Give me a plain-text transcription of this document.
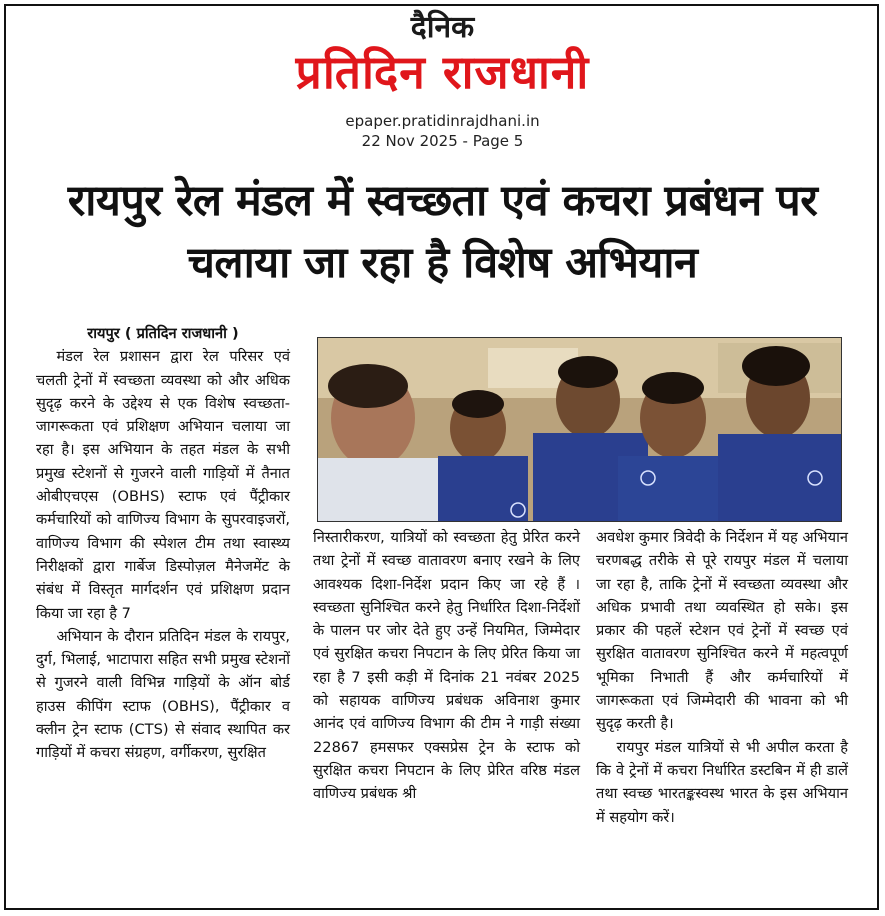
दैनिक
प्रतिदिन राजधानी
epaper.pratidinrajdhani.in
22 Nov 2025 - Page 5
रायपुर रेल मंडल में स्वच्छता एवं कचरा प्रबंधन पर चलाया जा रहा है विशेष अभियान

रायपुर ( प्रतिदिन राजधानी )

मंडल रेल प्रशासन द्वारा रेल परिसर एवं चलती ट्रेनों में स्वच्छता व्यवस्था को और अधिक सुदृढ़ करने के उद्देश्य से एक विशेष स्वच्छता-जागरूकता एवं प्रशिक्षण अभियान चलाया जा रहा है। इस अभियान के तहत मंडल के सभी प्रमुख स्टेशनों से गुजरने वाली गाड़ियों में तैनात ओबीएचएस (OBHS) स्टाफ एवं पैंट्रीकार कर्मचारियों को वाणिज्य विभाग के सुपरवाइजरों, वाणिज्य विभाग की स्पेशल टीम तथा स्वास्थ्य निरीक्षकों द्वारा गार्बेज डिस्पोज़ल मैनेजमेंट के संबंध में विस्तृत मार्गदर्शन एवं प्रशिक्षण प्रदान किया जा रहा है 7

अभियान के दौरान प्रतिदिन मंडल के रायपुर, दुर्ग, भिलाई, भाटापारा सहित सभी प्रमुख स्टेशनों से गुजरने वाली विभिन्न गाड़ियों के ऑन बोर्ड हाउस कीपिंग स्टाफ (OBHS), पैंट्रीकार व क्लीन ट्रेन स्टाफ (CTS) से संवाद स्थापित कर गाड़ियों में कचरा संग्रहण, वर्गीकरण, सुरक्षित

निस्तारीकरण, यात्रियों को स्वच्छता हेतु प्रेरित करने तथा ट्रेनों में स्वच्छ वातावरण बनाए रखने के लिए आवश्यक दिशा-निर्देश प्रदान किए जा रहे हैं । स्वच्छता सुनिश्चित करने हेतु निर्धारित दिशा-निर्देशों के पालन पर जोर देते हुए उन्हें नियमित, जिम्मेदार एवं सुरक्षित कचरा निपटान के लिए प्रेरित किया जा रहा है 7 इसी कड़ी में दिनांक 21 नवंबर 2025 को सहायक वाणिज्य प्रबंधक अविनाश कुमार आनंद एवं वाणिज्य विभाग की टीम ने गाड़ी संख्या 22867 हमसफर एक्सप्रेस ट्रेन के स्टाफ को सुरक्षित कचरा निपटान के लिए प्रेरित वरिष्ठ मंडल वाणिज्य प्रबंधक श्री

अवधेश कुमार त्रिवेदी के निर्देशन में यह अभियान चरणबद्ध तरीके से पूरे रायपुर मंडल में चलाया जा रहा है, ताकि ट्रेनों में स्वच्छता व्यवस्था और अधिक प्रभावी तथा व्यवस्थित हो सके। इस प्रकार की पहलें स्टेशन एवं ट्रेनों में स्वच्छ एवं सुरक्षित वातावरण सुनिश्चित करने में महत्वपूर्ण भूमिका निभाती हैं और कर्मचारियों में जागरूकता एवं जिम्मेदारी की भावना को भी सुदृढ़ करती है।

रायपुर मंडल यात्रियों से भी अपील करता है कि वे ट्रेनों में कचरा निर्धारित डस्टबिन में ही डालें तथा स्वच्छ भारतङ्कस्वस्थ भारत के इस अभियान में सहयोग करें।
